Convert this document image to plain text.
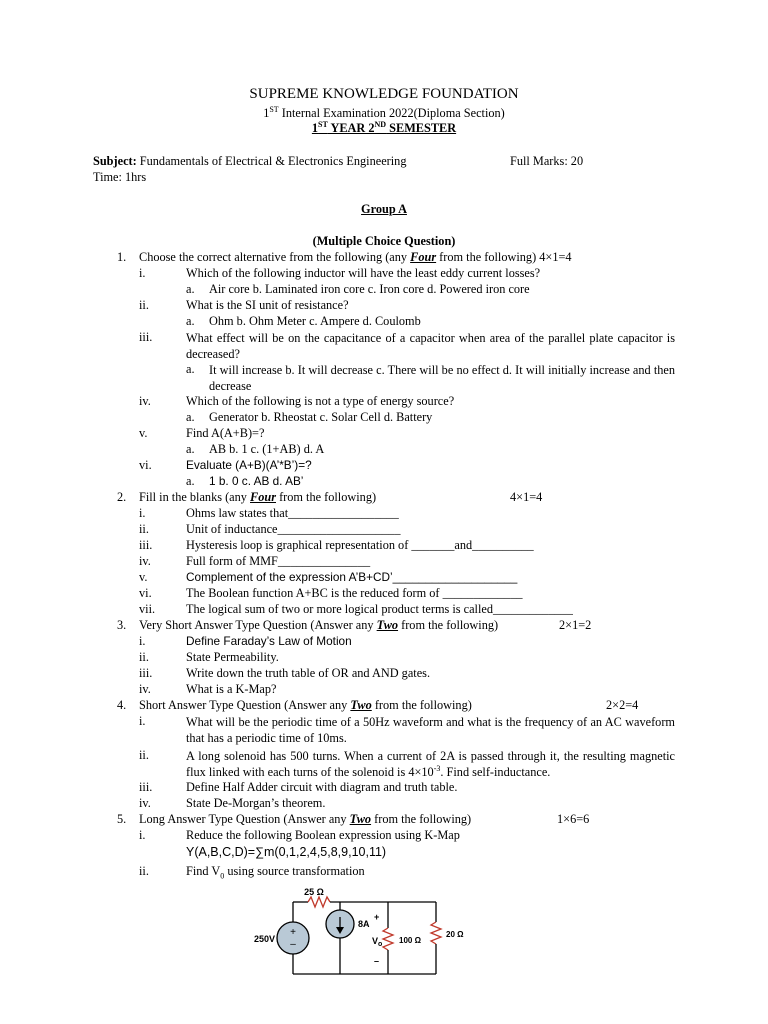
SUPREME KNOWLEDGE FOUNDATION
1ST Internal Examination 2022(Diploma Section)
1ST YEAR 2ND SEMESTER
Subject: Fundamentals of Electrical & Electronics Engineering	Full Marks: 20
Time: 1hrs
Group A
(Multiple Choice Question)
1. Choose the correct alternative from the following (any Four from the following) 4×1=4
i.	Which of the following inductor will have the least eddy current losses?
a. Air core b. Laminated iron core c. Iron core d. Powered iron core
ii.	What is the SI unit of resistance?
a. Ohm b. Ohm Meter c. Ampere d. Coulomb
iii.	What effect will be on the capacitance of a capacitor when area of the parallel plate capacitor is decreased?
a. It will increase b. It will decrease c. There will be no effect d. It will initially increase and then decrease
iv.	Which of the following is not a type of energy source?
a. Generator b. Rheostat c. Solar Cell d. Battery
v.	Find A(A+B)=?
a. AB b. 1 c. (1+AB) d. A
vi.	Evaluate (A+B)(A’*B’)=?
a. 1 b. 0 c. AB d. AB’
2. Fill in the blanks (any Four from the following)	4×1=4
i.	Ohms law states that__________________
ii.	Unit of inductance____________________
iii.	Hysteresis loop is graphical representation of _______and__________
iv.	Full form of MMF_______________
v.	Complement of the expression A’B+CD’___________________
vi.	The Boolean function A+BC is the reduced form of _____________
vii.	The logical sum of two or more logical product terms is called_____________
3. Very Short Answer Type Question (Answer any Two from the following)	2×1=2
i.	Define Faraday’s Law of Motion
ii.	State Permeability.
iii.	Write down the truth table of OR and AND gates.
iv.	What is a K-Map?
4. Short Answer Type Question (Answer any Two from the following)	2×2=4
i.	What will be the periodic time of a 50Hz waveform and what is the frequency of an AC waveform that has a periodic time of 10ms.
ii.	A long solenoid has 500 turns. When a current of 2A is passed through it, the resulting magnetic flux linked with each turns of the solenoid is $4\times 10^{-3}$. Find self-inductance.
iii.	Define Half Adder circuit with diagram and truth table.
iv.	State De-Morgan’s theorem.
5. Long Answer Type Question (Answer any Two from the following)	1×6=6
i.	Reduce the following Boolean expression using K-Map
Y(A,B,C,D)=∑m(0,1,2,4,5,8,9,10,11)
ii.	Find $V_0$ using source transformation
+
–
25 Ω
250V
8A
100 Ω
20 Ω
+
$V_o$
–
